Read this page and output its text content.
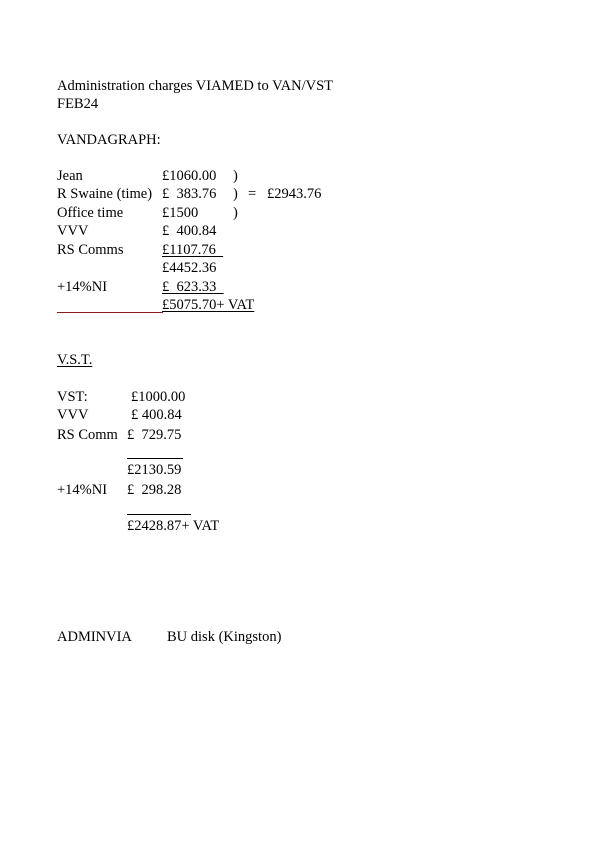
Administration charges VIAMED to VAN/VST
FEB24
VANDAGRAPH:
Jean	£1060.00 )
R Swaine (time) £  383.76 ) =   £2943.76
Office time	£1500 )
VVV	£  400.84
RS Comms	£1107.76
£4452.36
+14%NI	£  623.33
£5075.70+ VAT
V.S.T.
VST:	£1000.00
VVV	£ 400.84
RS Comm £  729.75
£2130.59
+14%NI £  298.28
£2428.87+ VAT
ADMINVIA BU disk (Kingston)
